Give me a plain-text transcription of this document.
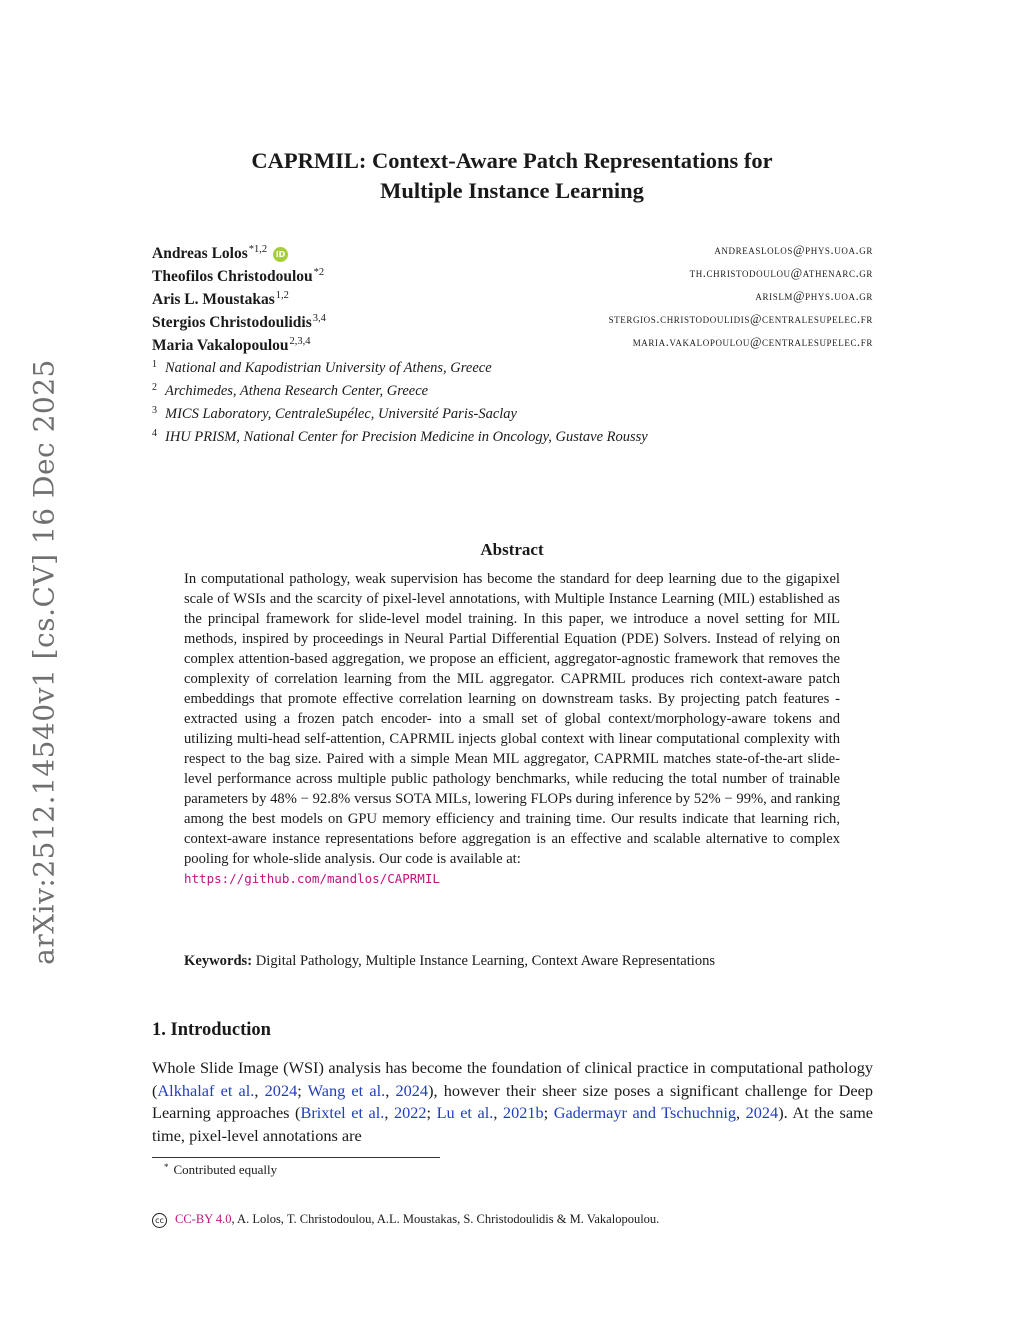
arXiv:2512.14540v1 [cs.CV] 16 Dec 2025
CAPRMIL: Context-Aware Patch Representations for
Multiple Instance Learning
Andreas Lolos$^{*1,2}$ iD	andreaslolos@phys.uoa.gr
Theofilos Christodoulou$^{*2}$	th.christodoulou@athenarc.gr
Aris L. Moustakas$^{1,2}$	arislm@phys.uoa.gr
Stergios Christodoulidis$^{3,4}$	stergios.christodoulidis@centralesupelec.fr
Maria Vakalopoulou$^{2,3,4}$	maria.vakalopoulou@centralesupelec.fr
1 National and Kapodistrian University of Athens, Greece
2 Archimedes, Athena Research Center, Greece
3 MICS Laboratory, CentraleSupélec, Université Paris-Saclay
4 IHU PRISM, National Center for Precision Medicine in Oncology, Gustave Roussy
Abstract
In computational pathology, weak supervision has become the standard for deep learning due to the gigapixel scale of WSIs and the scarcity of pixel-level annotations, with Multiple Instance Learning (MIL) established as the principal framework for slide-level model training. In this paper, we introduce a novel setting for MIL methods, inspired by proceedings in Neural Partial Differential Equation (PDE) Solvers. Instead of relying on complex attention-based aggregation, we propose an efficient, aggregator-agnostic framework that removes the complexity of correlation learning from the MIL aggregator. CAPRMIL produces rich context-aware patch embeddings that promote effective correlation learning on downstream tasks. By projecting patch features -extracted using a frozen patch encoder- into a small set of global context/morphology-aware tokens and utilizing multi-head self-attention, CAPRMIL injects global context with linear computational complexity with respect to the bag size. Paired with a simple Mean MIL aggregator, CAPRMIL matches state-of-the-art slide-level performance across multiple public pathology benchmarks, while reducing the total number of trainable parameters by 48% − 92.8% versus SOTA MILs, lowering FLOPs during inference by 52% − 99%, and ranking among the best models on GPU memory efficiency and training time. Our results indicate that learning rich, context-aware instance representations before aggregation is an effective and scalable alternative to complex pooling for whole-slide analysis. Our code is available at:
https://github.com/mandlos/CAPRMIL
Keywords: Digital Pathology, Multiple Instance Learning, Context Aware Representations
1. Introduction
Whole Slide Image (WSI) analysis has become the foundation of clinical practice in computational pathology (Alkhalaf et al., 2024; Wang et al., 2024), however their sheer size poses a significant challenge for Deep Learning approaches (Brixtel et al., 2022; Lu et al., 2021b; Gadermayr and Tschuchnig, 2024). At the same time, pixel-level annotations are
* Contributed equally
cc CC-BY 4.0, A. Lolos, T. Christodoulou, A.L. Moustakas, S. Christodoulidis & M. Vakalopoulou.
